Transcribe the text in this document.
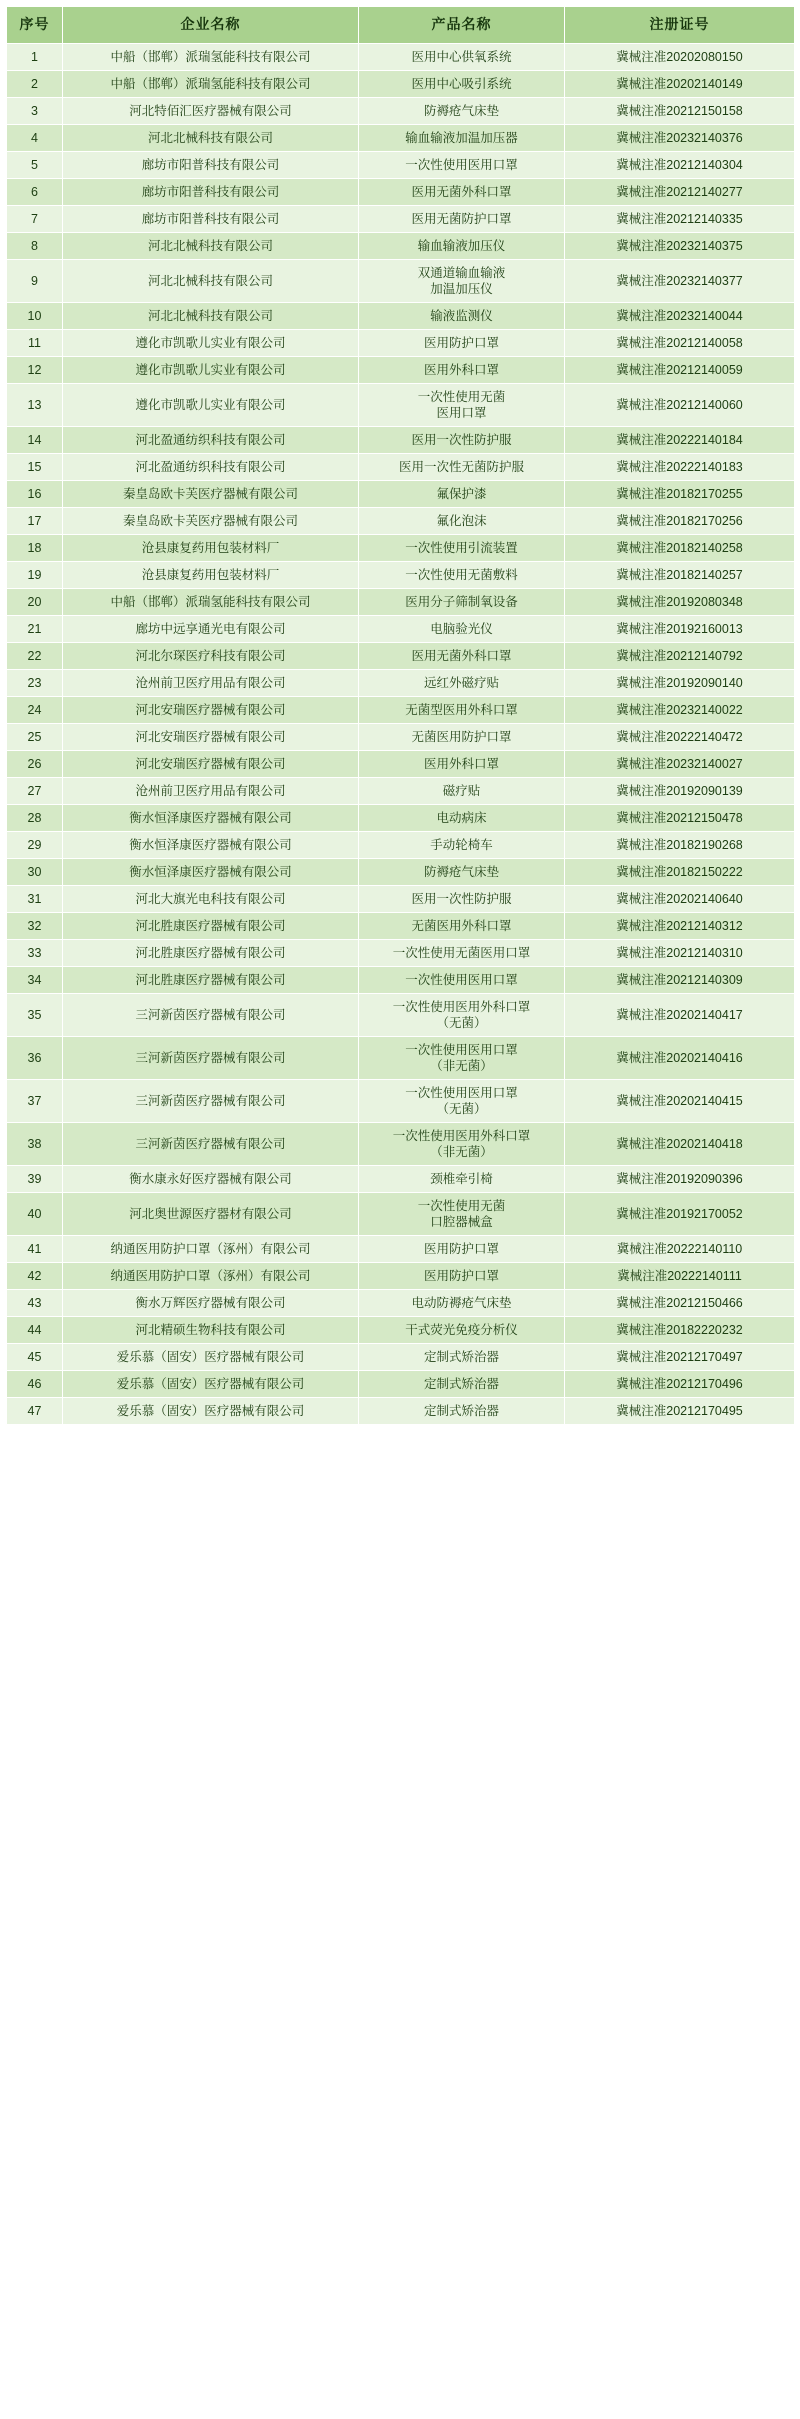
序号	企业名称	产品名称	注册证号
1	中船（邯郸）派瑞氢能科技有限公司	医用中心供氧系统	冀械注准20202080150
2	中船（邯郸）派瑞氢能科技有限公司	医用中心吸引系统	冀械注准20202140149
3	河北特佰汇医疗器械有限公司	防褥疮气床垫	冀械注准20212150158
4	河北北械科技有限公司	输血输液加温加压器	冀械注准20232140376
5	廊坊市阳普科技有限公司	一次性使用医用口罩	冀械注准20212140304
6	廊坊市阳普科技有限公司	医用无菌外科口罩	冀械注准20212140277
7	廊坊市阳普科技有限公司	医用无菌防护口罩	冀械注准20212140335
8	河北北械科技有限公司	输血输液加压仪	冀械注准20232140375
9	河北北械科技有限公司	双通道输血输液
加温加压仪	冀械注准20232140377
10	河北北械科技有限公司	输液监测仪	冀械注准20232140044
11	遵化市凯歌儿实业有限公司	医用防护口罩	冀械注准20212140058
12	遵化市凯歌儿实业有限公司	医用外科口罩	冀械注准20212140059
13	遵化市凯歌儿实业有限公司	一次性使用无菌
医用口罩	冀械注准20212140060
14	河北盈通纺织科技有限公司	医用一次性防护服	冀械注准20222140184
15	河北盈通纺织科技有限公司	医用一次性无菌防护服	冀械注准20222140183
16	秦皇岛欧卡芙医疗器械有限公司	氟保护漆	冀械注准20182170255
17	秦皇岛欧卡芙医疗器械有限公司	氟化泡沫	冀械注准20182170256
18	沧县康复药用包装材料厂	一次性使用引流装置	冀械注准20182140258
19	沧县康复药用包装材料厂	一次性使用无菌敷料	冀械注准20182140257
20	中船（邯郸）派瑞氢能科技有限公司	医用分子筛制氧设备	冀械注准20192080348
21	廊坊中远享通光电有限公司	电脑验光仪	冀械注准20192160013
22	河北尔琛医疗科技有限公司	医用无菌外科口罩	冀械注准20212140792
23	沧州前卫医疗用品有限公司	远红外磁疗贴	冀械注准20192090140
24	河北安瑞医疗器械有限公司	无菌型医用外科口罩	冀械注准20232140022
25	河北安瑞医疗器械有限公司	无菌医用防护口罩	冀械注准20222140472
26	河北安瑞医疗器械有限公司	医用外科口罩	冀械注准20232140027
27	沧州前卫医疗用品有限公司	磁疗贴	冀械注准20192090139
28	衡水恒泽康医疗器械有限公司	电动病床	冀械注准20212150478
29	衡水恒泽康医疗器械有限公司	手动轮椅车	冀械注准20182190268
30	衡水恒泽康医疗器械有限公司	防褥疮气床垫	冀械注准20182150222
31	河北大旗光电科技有限公司	医用一次性防护服	冀械注准20202140640
32	河北胜康医疗器械有限公司	无菌医用外科口罩	冀械注准20212140312
33	河北胜康医疗器械有限公司	一次性使用无菌医用口罩	冀械注准20212140310
34	河北胜康医疗器械有限公司	一次性使用医用口罩	冀械注准20212140309
35	三河新茵医疗器械有限公司	一次性使用医用外科口罩
（无菌）	冀械注准20202140417
36	三河新茵医疗器械有限公司	一次性使用医用口罩
（非无菌）	冀械注准20202140416
37	三河新茵医疗器械有限公司	一次性使用医用口罩
（无菌）	冀械注准20202140415
38	三河新茵医疗器械有限公司	一次性使用医用外科口罩
（非无菌）	冀械注准20202140418
39	衡水康永好医疗器械有限公司	颈椎牵引椅	冀械注准20192090396
40	河北奥世源医疗器材有限公司	一次性使用无菌
口腔器械盒	冀械注准20192170052
41	纳通医用防护口罩（涿州）有限公司	医用防护口罩	冀械注准20222140110
42	纳通医用防护口罩（涿州）有限公司	医用防护口罩	冀械注准20222140111
43	衡水万辉医疗器械有限公司	电动防褥疮气床垫	冀械注准20212150466
44	河北精硕生物科技有限公司	干式荧光免疫分析仪	冀械注准20182220232
45	爱乐慕（固安）医疗器械有限公司	定制式矫治器	冀械注准20212170497
46	爱乐慕（固安）医疗器械有限公司	定制式矫治器	冀械注准20212170496
47	爱乐慕（固安）医疗器械有限公司	定制式矫治器	冀械注准20212170495
